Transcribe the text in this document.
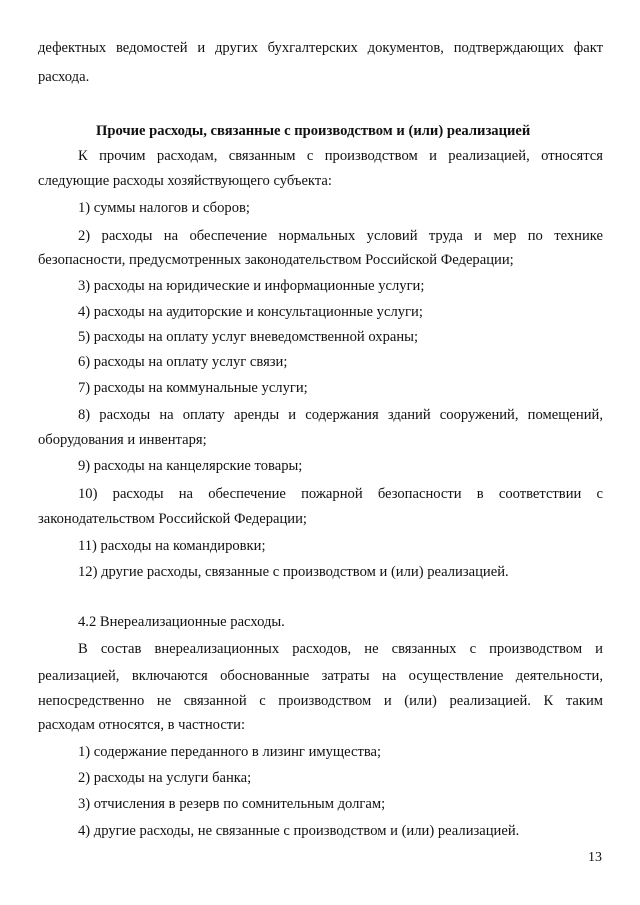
дефектных ведомостей и других бухгалтерских документов, подтверждающих факт
расхода.
Прочие расходы, связанные с производством и (или) реализацией
К прочим расходам, связанным с производством и реализацией, относятся
следующие расходы хозяйствующего субъекта:
1) суммы налогов и сборов;
2) расходы на обеспечение нормальных условий труда и мер по технике
безопасности, предусмотренных законодательством Российской Федерации;
3) расходы на юридические и информационные услуги;
4) расходы на аудиторские и консультационные услуги;
5) расходы на оплату услуг вневедомственной охраны;
6) расходы на оплату услуг связи;
7) расходы на коммунальные услуги;
8) расходы на оплату аренды и содержания зданий сооружений, помещений,
оборудования и инвентаря;
9) расходы на канцелярские товары;
10) расходы на обеспечение пожарной безопасности в соответствии с
законодательством Российской Федерации;
11) расходы на командировки;
12) другие расходы, связанные с производством и (или) реализацией.
4.2 Внереализационные расходы.
В состав внереализационных расходов, не связанных с производством и
реализацией, включаются обоснованные затраты на осуществление деятельности,
непосредственно не связанной с производством и (или) реализацией. К таким
расходам относятся, в частности:
1) содержание переданного в лизинг имущества;
2) расходы на услуги банка;
3) отчисления в резерв по сомнительным долгам;
4) другие расходы, не связанные с производством и (или) реализацией.
13
